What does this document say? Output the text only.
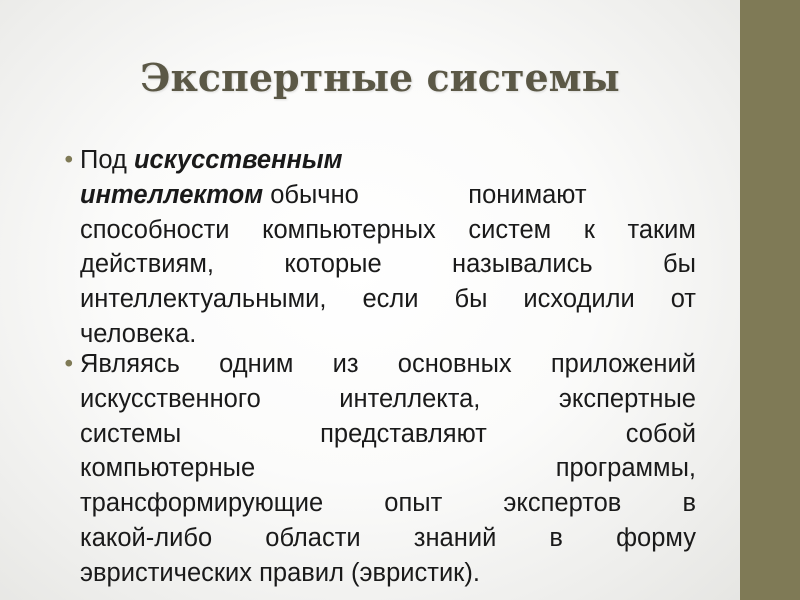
Экспертные системы
• Под
искусственным
интеллектом обычно	понимают
способности компьютерных систем к таким
действиям,	которые	назывались	бы
интеллектуальными, если бы исходили от
человека.
• Являясь одним из основных приложений
искусственного	интеллекта,	экспертные
системы	представляют	собой
компьютерные	программы,
трансформирующие опыт экспертов в
какой-либо области знаний в форму
эвристических правил (эвристик).
